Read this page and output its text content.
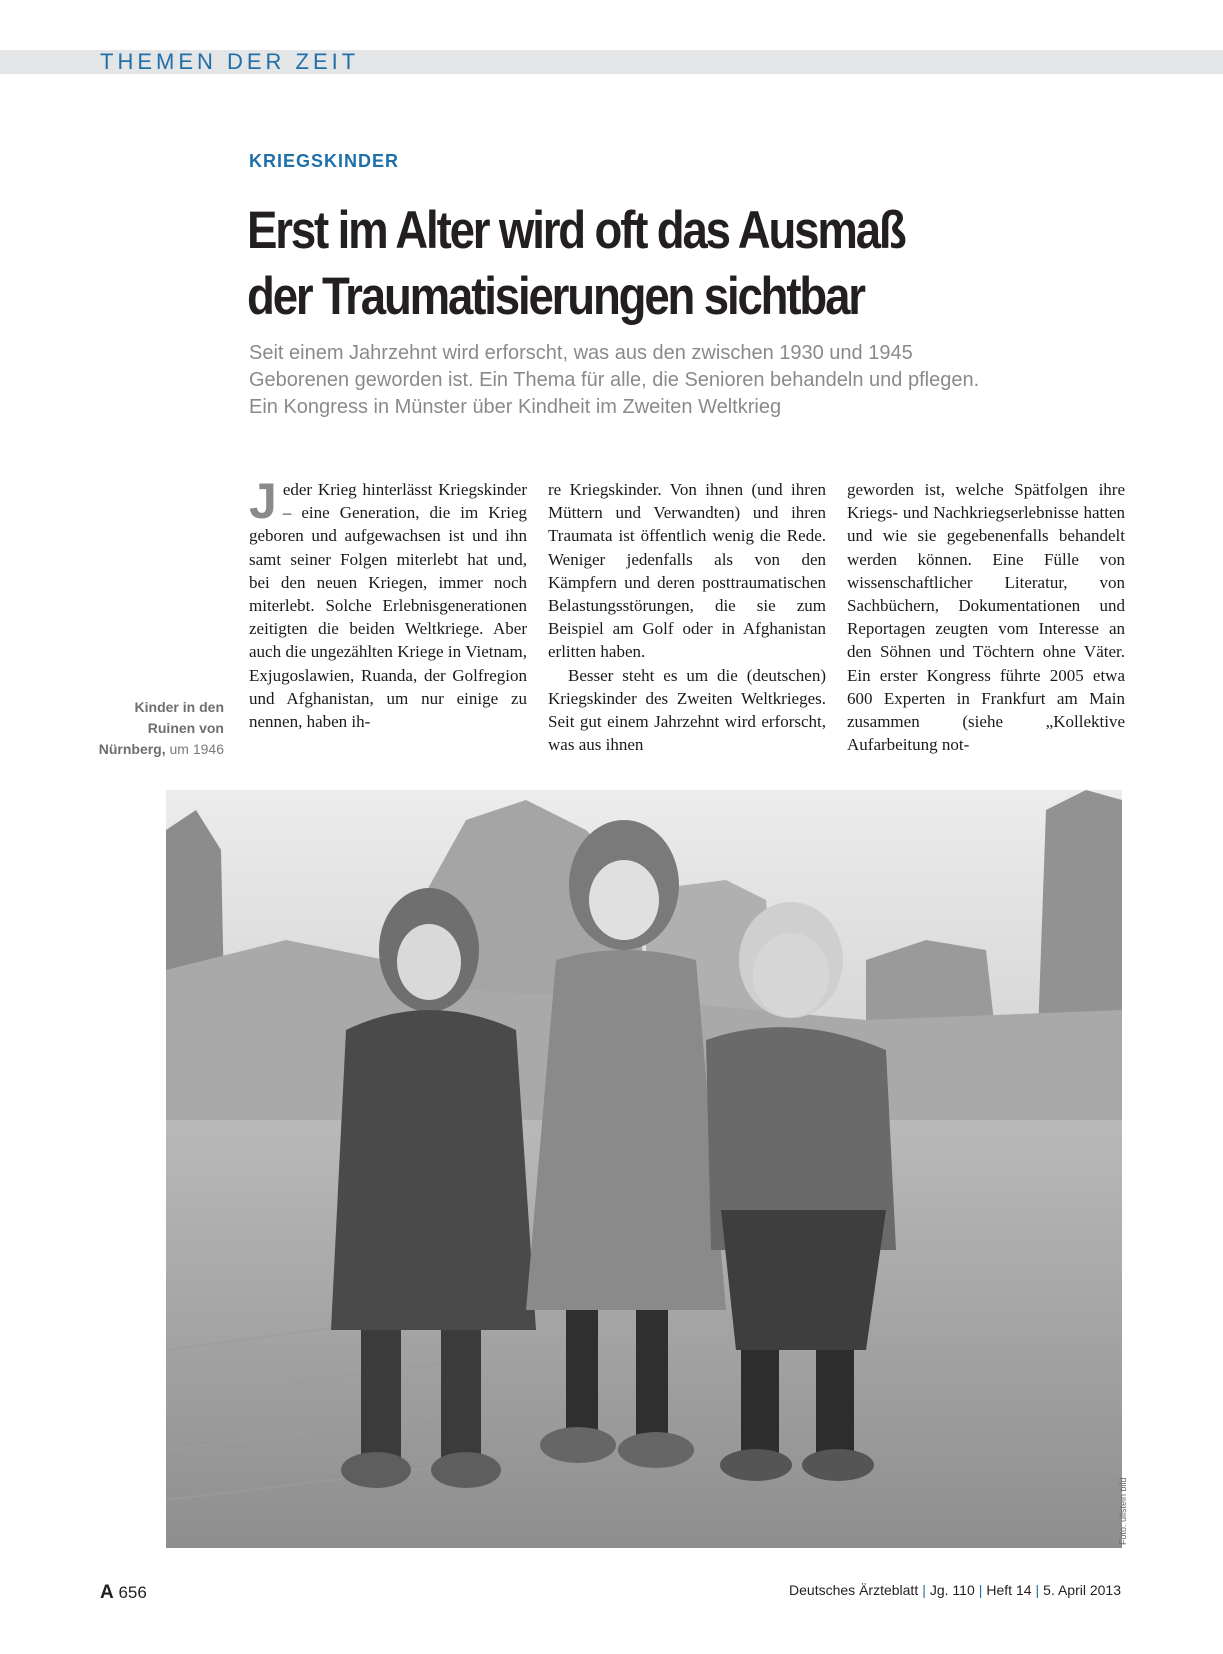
THEMEN DER ZEIT
KRIEGSKINDER
Erst im Alter wird oft das Ausmaß
der Traumatisierungen sichtbar
Seit einem Jahrzehnt wird erforscht, was aus den zwischen 1930 und 1945
Geborenen geworden ist. Ein Thema für alle, die Senioren behandeln und pflegen.
Ein Kongress in Münster über Kindheit im Zweiten Weltkrieg
Kinder in den Ruinen von Nürnberg, um 1946

Jeder Krieg hinterlässt Kriegskinder – eine Generation, die im Krieg geboren und aufgewachsen ist und ihn samt seiner Folgen miterlebt hat und, bei den neuen Kriegen, immer noch miterlebt. Solche Erlebnisgenerationen zeitigten die beiden Weltkriege. Aber auch die ungezählten Kriege in Vietnam, Exjugoslawien, Ruanda, der Golfregion und Afghanistan, um nur einige zu nennen, haben ih-

re Kriegskinder. Von ihnen (und ihren Müttern und Verwandten) und ihren Traumata ist öffentlich wenig die Rede. Weniger jedenfalls als von den Kämpfern und deren posttraumatischen Belastungsstörungen, die sie zum Beispiel am Golf oder in Afghanistan erlitten haben.

Besser steht es um die (deutschen) Kriegskinder des Zweiten Weltkrieges. Seit gut einem Jahrzehnt wird erforscht, was aus ihnen

geworden ist, welche Spätfolgen ihre Kriegs- und Nachkriegserlebnisse hatten und wie sie gegebenenfalls behandelt werden können. Eine Fülle von wissenschaftlicher Literatur, von Sachbüchern, Dokumentationen und Reportagen zeugten vom Interesse an den Söhnen und Töchtern ohne Väter. Ein erster Kongress führte 2005 etwa 600 Experten in Frankfurt am Main zusammen (siehe „Kollektive Aufarbeitung not-

Foto: ullstein bild
A 656	Deutsches Ärzteblatt | Jg. 110 | Heft 14 | 5. April 2013
